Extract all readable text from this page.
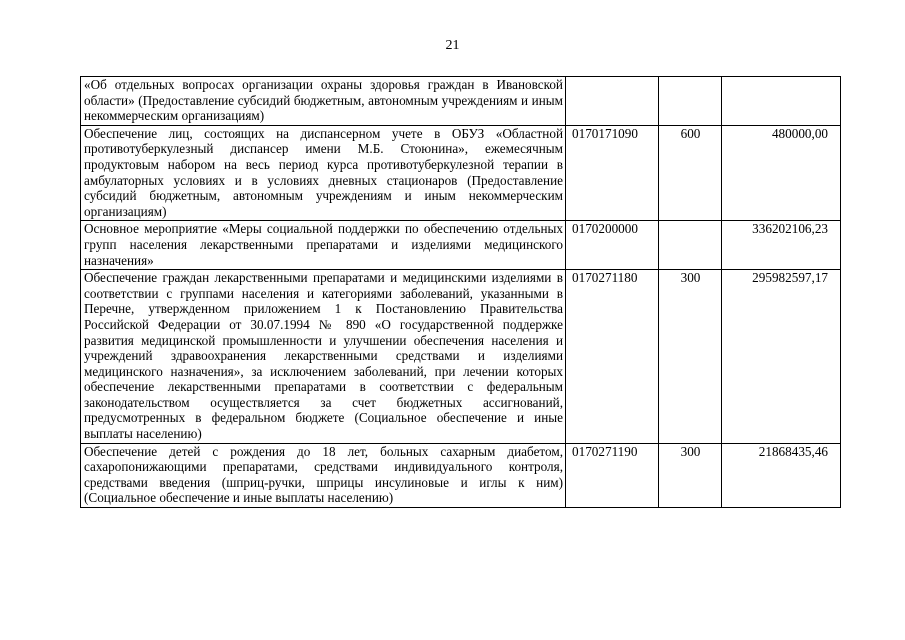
21
«Об отдельных вопросах организации охраны здоровья граждан в Ивановской области» (Предоставление субсидий бюджетным, автономным учреждениям и иным некоммерческим организациям)			
Обеспечение лиц, состоящих на диспансерном учете в ОБУЗ «Областной противотуберкулезный диспансер имени М.Б. Стоюнина», ежемесячным продуктовым набором на весь период курса противотуберкулезной терапии в амбулаторных условиях и в условиях дневных стационаров (Предоставление субсидий бюджетным, автономным учреждениям и иным некоммерческим организациям)	0170171090	600	480000,00
Основное мероприятие «Меры социальной поддержки по обеспечению отдельных групп населения лекарственными препаратами и изделиями медицинского назначения»	0170200000		336202106,23
Обеспечение граждан лекарственными препаратами и медицинскими изделиями в соответствии с группами населения и категориями заболеваний, указанными в Перечне, утвержденном приложением 1 к Постановлению Правительства Российской Федерации от 30.07.1994 № 890 «О государственной поддержке развития медицинской промышленности и улучшении обеспечения населения и учреждений здравоохранения лекарственными средствами и изделиями медицинского назначения», за исключением заболеваний, при лечении которых обеспечение лекарственными препаратами в соответствии с федеральным законодательством осуществляется за счет бюджетных ассигнований, предусмотренных в федеральном бюджете (Социальное обеспечение и иные выплаты населению)	0170271180	300	295982597,17
Обеспечение детей с рождения до 18 лет, больных сахарным диабетом, сахаропонижающими препаратами, средствами индивидуального контроля, средствами введения (шприц-ручки, шприцы инсулиновые и иглы к ним) (Социальное обеспечение и иные выплаты населению)	0170271190	300	21868435,46
